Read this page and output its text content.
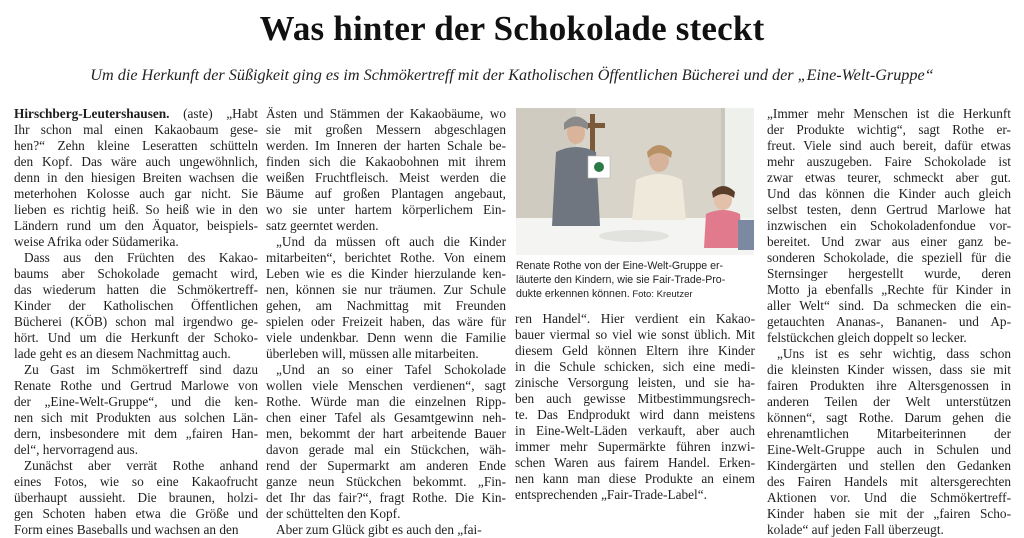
Was hinter der Schokolade steckt
Um die Herkunft der Süßigkeit ging es im Schmökertreff mit der Katholischen Öffentlichen Bücherei und der „Eine-Welt-Gruppe“
Hirschberg-Leutershausen. (aste) „Habt
Ihr schon mal einen Kakaobaum gese-
hen?“ Zehn kleine Leseratten schütteln
den Kopf. Das wäre auch ungewöhnlich,
denn in den hiesigen Breiten wachsen die
meterhohen Kolosse auch gar nicht. Sie
lieben es richtig heiß. So heiß wie in den
Ländern rund um den Äquator, beispiels-
weise Afrika oder Südamerika.
Dass aus den Früchten des Kakao-
baums aber Schokolade gemacht wird,
das wiederum hatten die Schmökertreff-
Kinder der Katholischen Öffentlichen
Bücherei (KÖB) schon mal irgendwo ge-
hört. Und um die Herkunft der Schoko-
lade geht es an diesem Nachmittag auch.
Zu Gast im Schmökertreff sind dazu
Renate Rothe und Gertrud Marlowe von
der „Eine-Welt-Gruppe“, und die ken-
nen sich mit Produkten aus solchen Län-
dern, insbesondere mit dem „fairen Han-
del“, hervorragend aus.
Zunächst aber verrät Rothe anhand
eines Fotos, wie so eine Kakaofrucht
überhaupt aussieht. Die braunen, holzi-
gen Schoten haben etwa die Größe und
Form eines Baseballs und wachsen an den
Ästen und Stämmen der Kakaobäume, wo
sie mit großen Messern abgeschlagen
werden. Im Inneren der harten Schale be-
finden sich die Kakaobohnen mit ihrem
weißen Fruchtfleisch. Meist werden die
Bäume auf großen Plantagen angebaut,
wo sie unter hartem körperlichem Ein-
satz geerntet werden.
„Und da müssen oft auch die Kinder
mitarbeiten“, berichtet Rothe. Von einem
Leben wie es die Kinder hierzulande ken-
nen, können sie nur träumen. Zur Schule
gehen, am Nachmittag mit Freunden
spielen oder Freizeit haben, das wäre für
viele undenkbar. Denn wenn die Familie
überleben will, müssen alle mitarbeiten.
„Und an so einer Tafel Schokolade
wollen viele Menschen verdienen“, sagt
Rothe. Würde man die einzelnen Ripp-
chen einer Tafel als Gesamtgewinn neh-
men, bekommt der hart arbeitende Bauer
davon gerade mal ein Stückchen, wäh-
rend der Supermarkt am anderen Ende
ganze neun Stückchen bekommt. „Fin-
det Ihr das fair?“, fragt Rothe. Die Kin-
der schüttelten den Kopf.
Aber zum Glück gibt es auch den „fai-
Renate Rothe von der Eine-Welt-Gruppe er-
läuterte den Kindern, wie sie Fair-Trade-Pro-
dukte erkennen können. Foto: Kreutzer
ren Handel“. Hier verdient ein Kakao-
bauer viermal so viel wie sonst üblich. Mit
diesem Geld können Eltern ihre Kinder
in die Schule schicken, sich eine medi-
zinische Versorgung leisten, und sie ha-
ben auch gewisse Mitbestimmungsrech-
te. Das Endprodukt wird dann meistens
in Eine-Welt-Läden verkauft, aber auch
immer mehr Supermärkte führen inzwi-
schen Waren aus fairem Handel. Erken-
nen kann man diese Produkte an einem
entsprechenden „Fair-Trade-Label“.
„Immer mehr Menschen ist die Herkunft
der Produkte wichtig“, sagt Rothe er-
freut. Viele sind auch bereit, dafür etwas
mehr auszugeben. Faire Schokolade ist
zwar etwas teurer, schmeckt aber gut.
Und das können die Kinder auch gleich
selbst testen, denn Gertrud Marlowe hat
inzwischen ein Schokoladenfondue vor-
bereitet. Und zwar aus einer ganz be-
sonderen Schokolade, die speziell für die
Sternsinger hergestellt wurde, deren
Motto ja ebenfalls „Rechte für Kinder in
aller Welt“ sind. Da schmecken die ein-
getauchten Ananas-, Bananen- und Ap-
felstückchen gleich doppelt so lecker.
„Uns ist es sehr wichtig, dass schon
die kleinsten Kinder wissen, dass sie mit
fairen Produkten ihre Altersgenossen in
anderen Teilen der Welt unterstützen
können“, sagt Rothe. Darum gehen die
ehrenamtlichen Mitarbeiterinnen der
Eine-Welt-Gruppe auch in Schulen und
Kindergärten und stellen den Gedanken
des Fairen Handels mit altersgerechten
Aktionen vor. Und die Schmökertreff-
Kinder haben sie mit der „fairen Scho-
kolade“ auf jeden Fall überzeugt.
